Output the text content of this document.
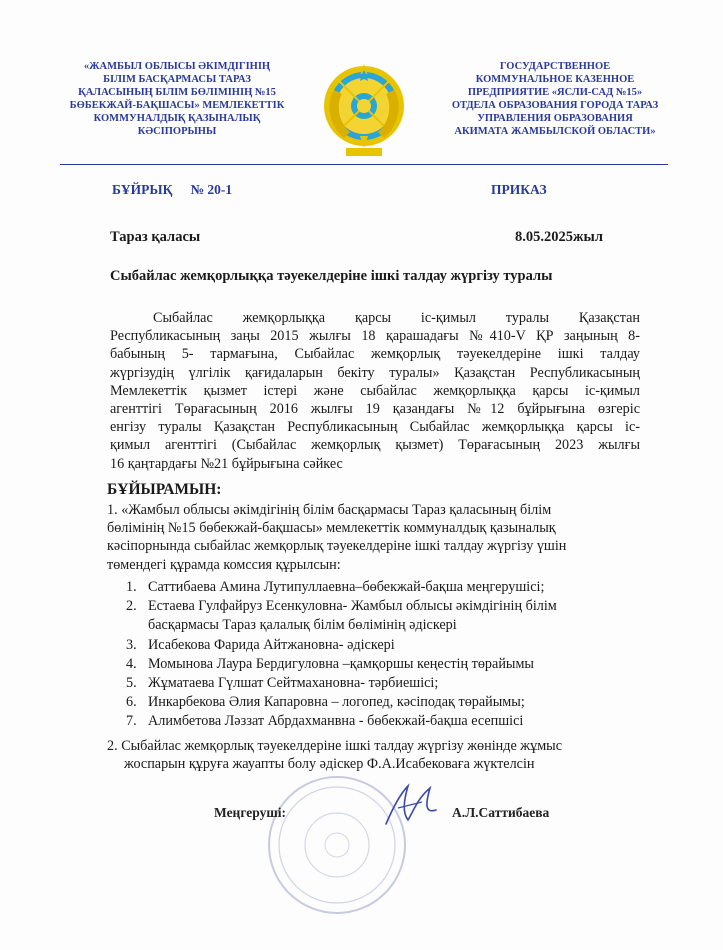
«ЖАМБЫЛ ОБЛЫСЫ ӘКІМДІГІНІҢ
БІЛІМ БАСҚАРМАСЫ ТАРАЗ
ҚАЛАСЫНЫҢ БІЛІМ БӨЛІМІНІҢ №15
БӨБЕКЖАЙ-БАҚШАСЫ» МЕМЛЕКЕТТІК
КОММУНАЛДЫҚ ҚАЗЫНАЛЫҚ
КӘСІПОРЫНЫ
ГОСУДАРСТВЕННОЕ
КОММУНАЛЬНОЕ КАЗЕННОЕ
ПРЕДПРИЯТИЕ «ЯСЛИ-САД №15»
ОТДЕЛА ОБРАЗОВАНИЯ ГОРОДА ТАРАЗ
УПРАВЛЕНИЯ ОБРАЗОВАНИЯ
АКИМАТА ЖАМБЫЛСКОЙ ОБЛАСТИ»
БҰЙРЫҚ № 20-1	ПРИКАЗ
Тараз қаласы	8.05.2025жыл
Сыбайлас жемқорлыққа тәуекелдеріне ішкі талдау жүргізу туралы
Сыбайлас жемқорлыққа қарсы іс-қимыл туралы Қазақстан
Республикасының заңы 2015 жылғы 18 қарашадағы №410-V ҚР заңының 8-
бабының 5- тармағына, Сыбайлас жемқорлық тәуекелдеріне ішкі талдау
жүргізудің үлгілік қағидаларын бекіту туралы» Қазақстан Республикасының
Мемлекеттік қызмет істері және сыбайлас жемқорлыққа қарсы іс-қимыл
агенттігі Төрағасының 2016 жылғы 19 қазандағы №12 бұйрығына өзгеріс
енгізу туралы Қазақстан Республикасының Сыбайлас жемқорлыққа қарсы іс-
қимыл агенттігі (Сыбайлас жемқорлық қызмет) Төрағасының 2023 жылғы
16 қаңтардағы №21 бұйрығына сәйкес
БҰЙЫРАМЫН:
1. «Жамбыл облысы әкімдігінің білім басқармасы Тараз қаласының білім
бөлімінің №15 бөбекжай-бақшасы» мемлекеттік коммуналдық қазыналық
кәсіпорнында сыбайлас жемқорлық тәуекелдеріне ішкі талдау жүргізу үшін
төмендегі құрамда комссия құрылсын:
1. Саттибаева Амина Лутипуллаевна–бөбекжай-бақша меңгерушісі;
2. Естаева Гулфайруз Есенкуловна- Жамбыл облысы әкімдігінің білім
басқармасы Тараз қалалық білім бөлімінің әдіскері
3. Исабекова Фарида Айтжановна- әдіскері
4. Момынова Лаура Бердигуловна –қамқоршы кеңестің төрайымы
5. Жұматаева Гүлшат Сейтмахановна- тәрбиешісі;
6. Инкарбекова Әлия Капаровна – логопед, кәсіподақ төрайымы;
7. Алимбетова Ләззат Абрдахманвна - бөбекжай-бақша есепшісі
2. Сыбайлас жемқорлық тәуекелдеріне ішкі талдау жүргізу жөнінде жұмыс
жоспарын құруға жауапты болу әдіскер Ф.А.Исабековаға жүктелсін
Меңгерушi:	А.Л.Саттибаева
